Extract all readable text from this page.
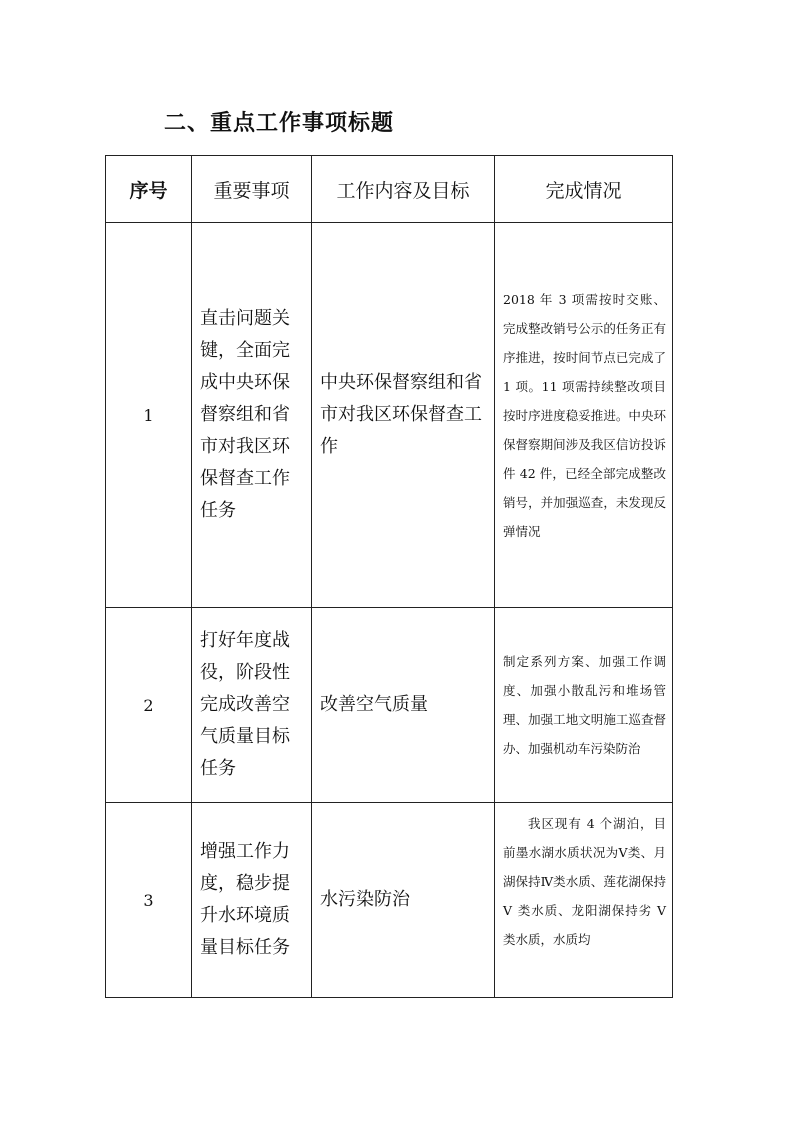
二、重点工作事项标题
序号	重要事项	工作内容及目标	完成情况
1	直击问题关键，全面完成中央环保督察组和省市对我区环保督查工作任务	中央环保督察组和省市对我区环保督查工作	2018 年 3 项需按时交账、完成整改销号公示的任务正有序推进，按时间节点已完成了 1 项。11 项需持续整改项目按时序进度稳妥推进。中央环保督察期间涉及我区信访投诉件 42 件，已经全部完成整改销号，并加强巡查，未发现反弹情况
2	打好年度战役，阶段性完成改善空气质量目标任务	改善空气质量	制定系列方案、加强工作调度、加强小散乱污和堆场管理、加强工地文明施工巡查督办、加强机动车污染防治
3	增强工作力度，稳步提升水环境质量目标任务	水污染防治	我区现有 4 个湖泊，目前墨水湖水质状况为Ⅴ类、月湖保持Ⅳ类水质、莲花湖保持 Ⅴ 类水质、龙阳湖保持劣 Ⅴ 类水质，水质均
